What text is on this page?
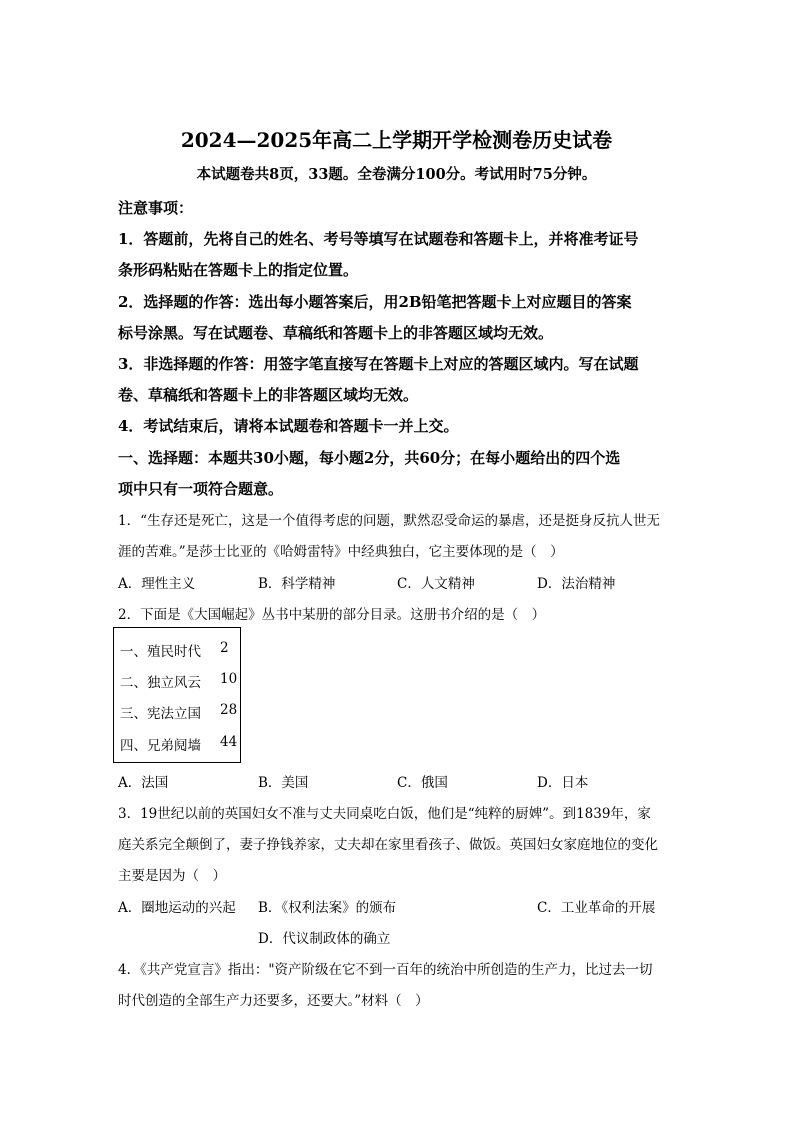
2024—2025年高二上学期开学检测卷历史试卷
本试题卷共8页，33题。全卷满分100分。考试用时75分钟。
注意事项：
1．答题前，先将自己的姓名、考号等填写在试题卷和答题卡上，并将准考证号
条形码粘贴在答题卡上的指定位置。
2．选择题的作答：选出每小题答案后，用2B铅笔把答题卡上对应题目的答案
标号涂黑。写在试题卷、草稿纸和答题卡上的非答题区域均无效。
3．非选择题的作答：用签字笔直接写在答题卡上对应的答题区域内。写在试题
卷、草稿纸和答题卡上的非答题区域均无效。
4．考试结束后，请将本试题卷和答题卡一并上交。
一、选择题：本题共30小题，每小题2分，共60分；在每小题给出的四个选
项中只有一项符合题意。
1．“生存还是死亡，这是一个值得考虑的问题，默然忍受命运的暴虐，还是挺身反抗人世无
涯的苦难。”是莎士比亚的《哈姆雷特》中经典独白，它主要体现的是（　）
A．理性主义	B．科学精神	C．人文精神	D．法治精神
2．下面是《大国崛起》丛书中某册的部分目录。这册书介绍的是（　）
一、殖民时代 2
二、独立风云 10
三、宪法立国 28
四、兄弟阋墙 44
A．法国	B．美国	C．俄国	D．日本
3．19世纪以前的英国妇女不准与丈夫同桌吃白饭，他们是“纯粹的厨婢”。到1839年，家
庭关系完全颠倒了，妻子挣钱养家，丈夫却在家里看孩子、做饭。英国妇女家庭地位的变化
主要是因为（　）
A．圈地运动的兴起 B．《权利法案》的颁布	C．工业革命的开展
D．代议制政体的确立
4．《共产党宣言》指出："资产阶级在它不到一百年的统治中所创造的生产力，比过去一切
时代创造的全部生产力还要多，还要大。”材料（　）
